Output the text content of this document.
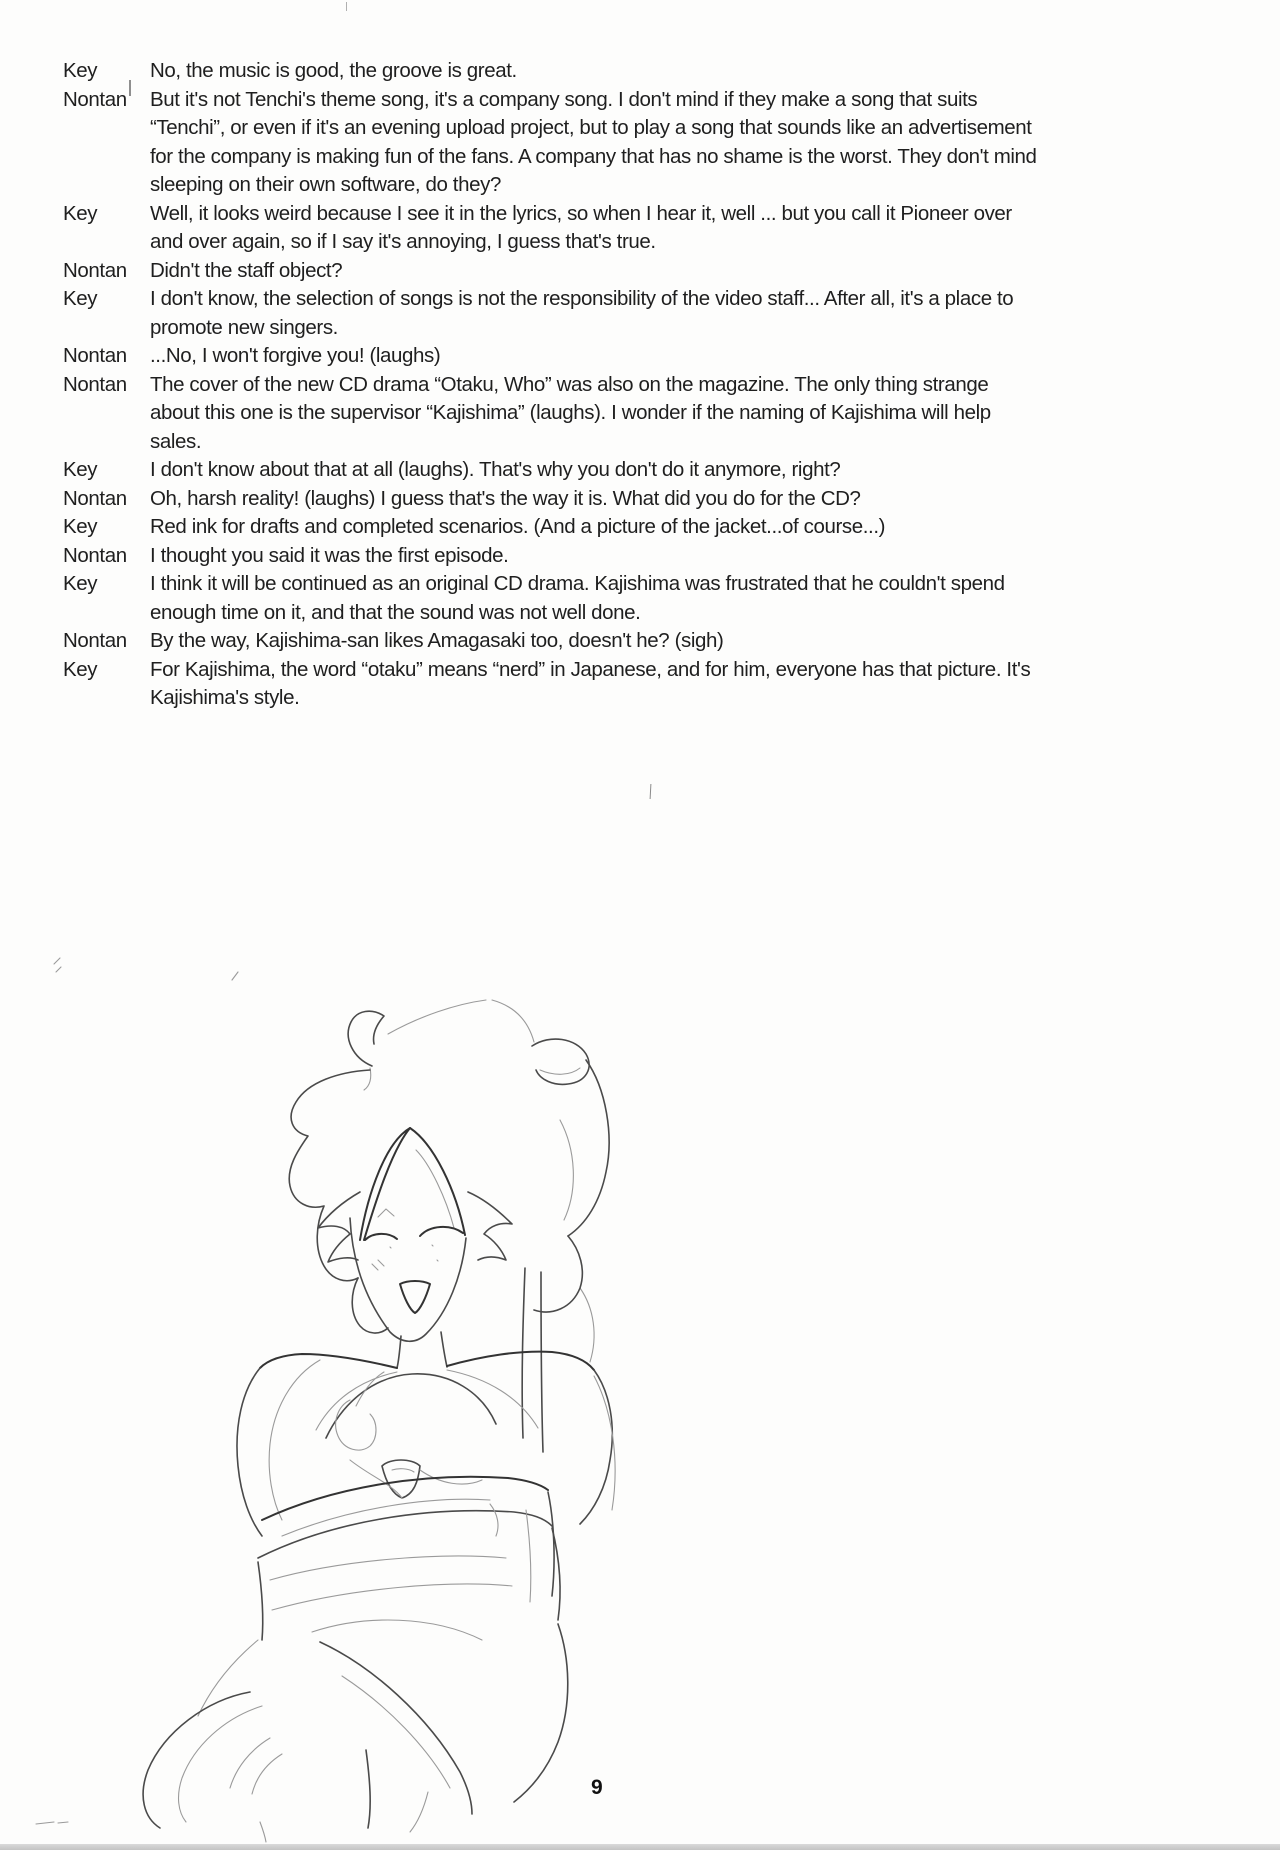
Key	No, the music is good, the groove is great.
Nontan	But it's not Tenchi's theme song, it's a company song. I don't mind if they make a song that suits “Tenchi”, or even if it's an evening upload project, but to play a song that sounds like an advertisement for the company is making fun of the fans. A company that has no shame is the worst. They don't mind sleeping on their own software, do they?
Key	Well, it looks weird because I see it in the lyrics, so when I hear it, well ... but you call it Pioneer over and over again, so if I say it's annoying, I guess that's true.
Nontan	Didn't the staff object?
Key	I don't know, the selection of songs is not the responsibility of the video staff... After all, it's a place to promote new singers.
Nontan	...No, I won't forgive you! (laughs)
Nontan	The cover of the new CD drama “Otaku, Who” was also on the magazine. The only thing strange about this one is the supervisor “Kajishima” (laughs). I wonder if the naming of Kajishima will help sales.
Key	I don't know about that at all (laughs). That's why you don't do it anymore, right?
Nontan	Oh, harsh reality! (laughs) I guess that's the way it is. What did you do for the CD?
Key	Red ink for drafts and completed scenarios. (And a picture of the jacket...of course...)
Nontan	I thought you said it was the first episode.
Key	I think it will be continued as an original CD drama. Kajishima was frustrated that he couldn't spend enough time on it, and that the sound was not well done.
Nontan	By the way, Kajishima-san likes Amagasaki too, doesn't he? (sigh)
Key	For Kajishima, the word “otaku” means “nerd” in Japanese, and for him, everyone has that picture. It's Kajishima's style.
9
